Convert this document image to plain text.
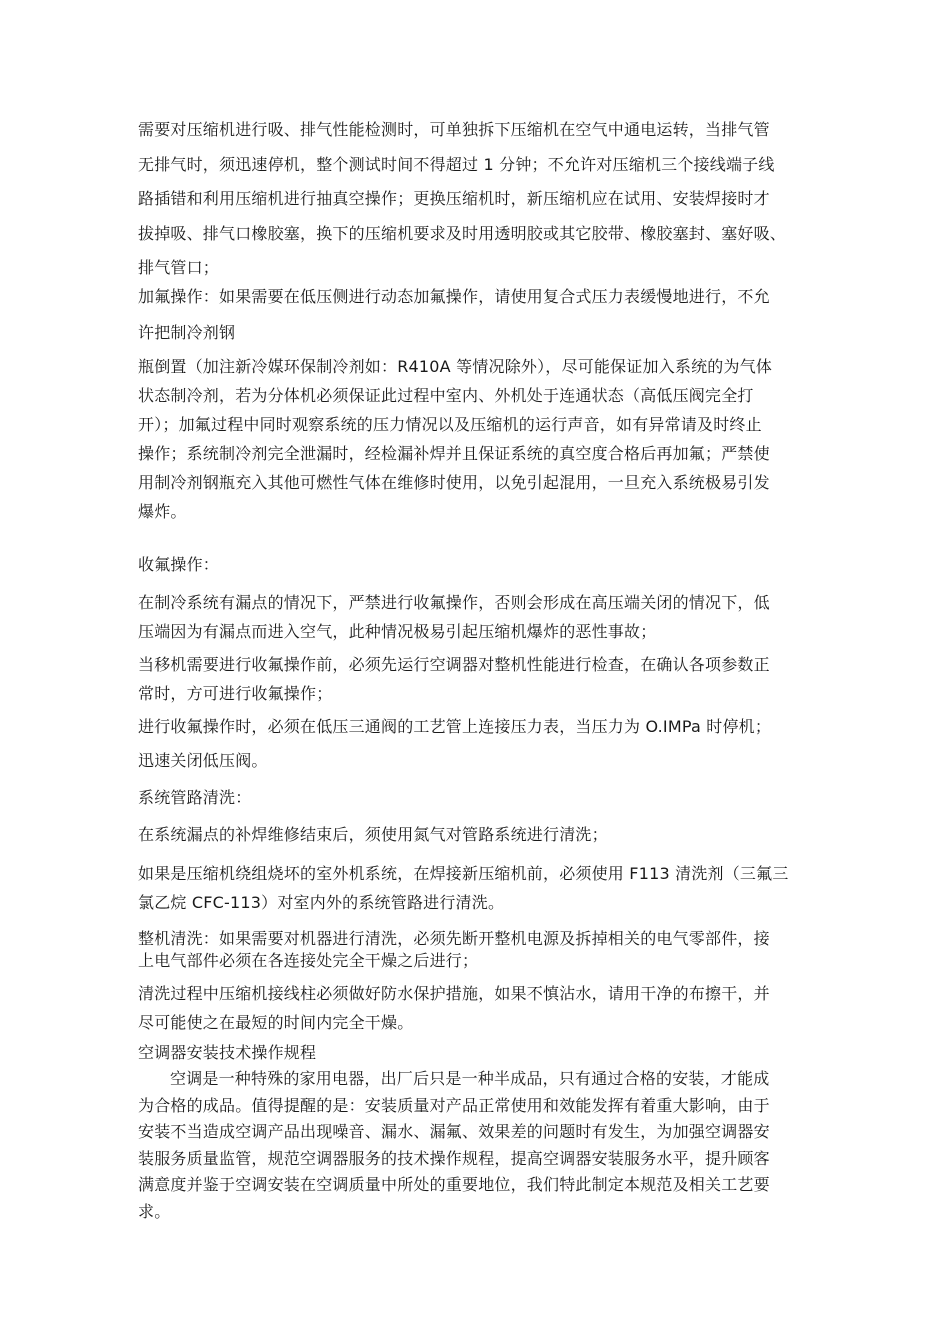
需要对压缩机进行吸、排气性能检测时，可单独拆下压缩机在空气中通电运转，当排气管
无排气时，须迅速停机，整个测试时间不得超过 1 分钟；不允许对压缩机三个接线端子线
路插错和利用压缩机进行抽真空操作；更换压缩机时，新压缩机应在试用、安装焊接时才
拔掉吸、排气口橡胶塞，换下的压缩机要求及时用透明胶或其它胶带、橡胶塞封、塞好吸、
排气管口；
加氟操作：如果需要在低压侧进行动态加氟操作，请使用复合式压力表缓慢地进行，不允
许把制冷剂钢
瓶倒置（加注新冷媒环保制冷剂如：R410A 等情况除外），尽可能保证加入系统的为气体
状态制冷剂，若为分体机必须保证此过程中室内、外机处于连通状态（高低压阀完全打
开）；加氟过程中同时观察系统的压力情况以及压缩机的运行声音，如有异常请及时终止
操作；系统制冷剂完全泄漏时，经检漏补焊并且保证系统的真空度合格后再加氟；严禁使
用制冷剂钢瓶充入其他可燃性气体在维修时使用，以免引起混用，一旦充入系统极易引发
爆炸。
收氟操作：
在制冷系统有漏点的情况下，严禁进行收氟操作，否则会形成在高压端关闭的情况下，低
压端因为有漏点而进入空气，此种情况极易引起压缩机爆炸的恶性事故；
当移机需要进行收氟操作前，必须先运行空调器对整机性能进行检查，在确认各项参数正
常时，方可进行收氟操作；
进行收氟操作时，必须在低压三通阀的工艺管上连接压力表，当压力为 O.IMPa 时停机；
迅速关闭低压阀。
系统管路清洗：
在系统漏点的补焊维修结束后，须使用氮气对管路系统进行清洗；
如果是压缩机绕组烧坏的室外机系统，在焊接新压缩机前，必须使用 F113 清洗剂（三氟三
氯乙烷 CFC-113）对室内外的系统管路进行清洗。
整机清洗：如果需要对机器进行清洗，必须先断开整机电源及拆掉相关的电气零部件，接
上电气部件必须在各连接处完全干燥之后进行；
清洗过程中压缩机接线柱必须做好防水保护措施，如果不慎沾水，请用干净的布擦干，并
尽可能使之在最短的时间内完全干燥。
空调器安装技术操作规程
空调是一种特殊的家用电器，出厂后只是一种半成品，只有通过合格的安装，才能成
为合格的成品。值得提醒的是：安装质量对产品正常使用和效能发挥有着重大影响，由于
安装不当造成空调产品出现噪音、漏水、漏氟、效果差的问题时有发生，为加强空调器安
装服务质量监管，规范空调器服务的技术操作规程，提高空调器安装服务水平，提升顾客
满意度并鉴于空调安装在空调质量中所处的重要地位，我们特此制定本规范及相关工艺要
求。
